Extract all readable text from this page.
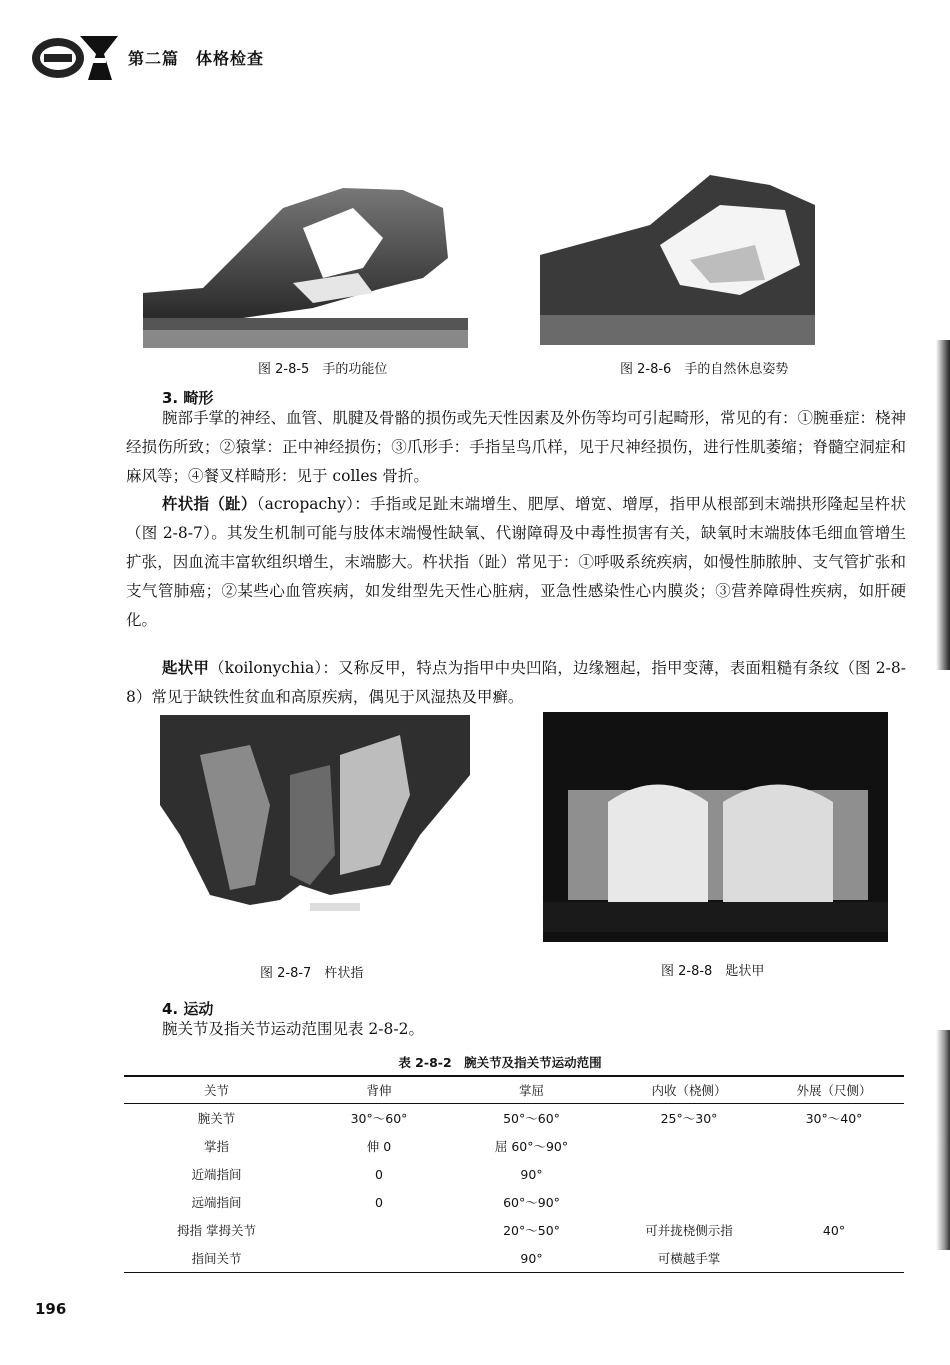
第二篇　体格检查
图 2-8-5　手的功能位	图 2-8-6　手的自然休息姿势
3. 畸形
腕部手掌的神经、血管、肌腱及骨骼的损伤或先天性因素及外伤等均可引起畸形，常见的有：①腕垂症：桡神经损伤所致；②猿掌：正中神经损伤；③爪形手：手指呈鸟爪样，见于尺神经损伤，进行性肌萎缩；脊髓空洞症和麻风等；④餐叉样畸形：见于 colles 骨折。
杵状指（趾）（acropachy）：手指或足趾末端增生、肥厚、增宽、增厚，指甲从根部到末端拱形隆起呈杵状（图 2-8-7）。其发生机制可能与肢体末端慢性缺氧、代谢障碍及中毒性损害有关，缺氧时末端肢体毛细血管增生扩张，因血流丰富软组织增生，末端膨大。杵状指（趾）常见于：①呼吸系统疾病，如慢性肺脓肿、支气管扩张和支气管肺癌；②某些心血管疾病，如发绀型先天性心脏病，亚急性感染性心内膜炎；③营养障碍性疾病，如肝硬化。
匙状甲（koilonychia）：又称反甲，特点为指甲中央凹陷，边缘翘起，指甲变薄，表面粗糙有条纹（图 2-8-8）常见于缺铁性贫血和高原疾病，偶见于风湿热及甲癣。
图 2-8-7　杵状指	图 2-8-8　匙状甲
4. 运动
腕关节及指关节运动范围见表 2-8-2。
表 2-8-2　腕关节及指关节运动范围
关节	背伸	掌屈	内收（桡侧）	外展（尺侧）
腕关节	30°～60°	50°～60°	25°～30°	30°～40°
掌指	伸 0	屈 60°～90°		
近端指间	0	90°		
远端指间	0	60°～90°		
拇指 掌拇关节		20°～50°	可并拢桡侧示指	40°
指间关节		90°	可横越手掌	
196
